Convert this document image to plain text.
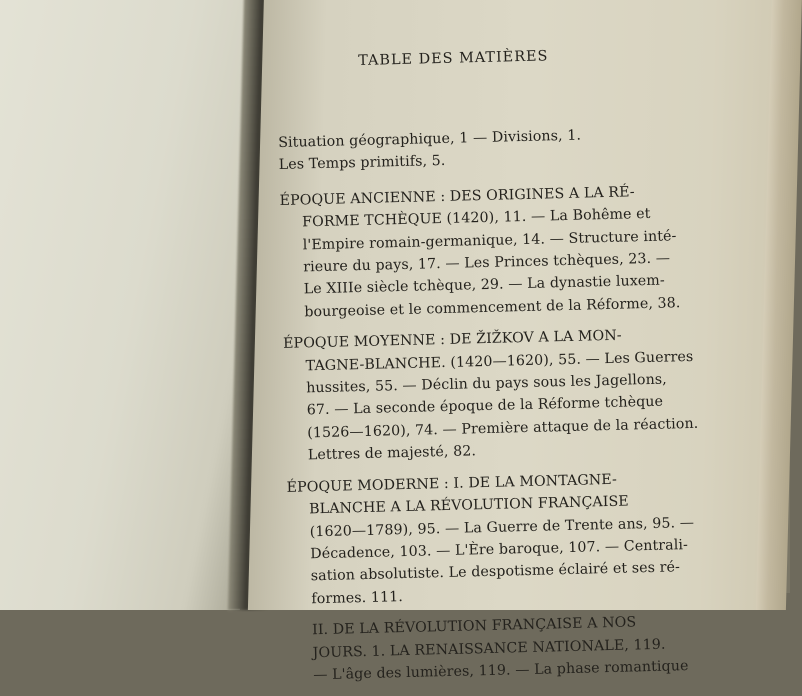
TABLE DES MATIÈRES
Situation géographique, 1 — Divisions, 1.
Les Temps primitifs, 5.
ÉPOQUE ANCIENNE : DES ORIGINES A LA RÉ-
FORME TCHÈQUE (1420), 11. — La Bohême et
l'Empire romain-germanique, 14. — Structure inté-
rieure du pays, 17. — Les Princes tchèques, 23. —
Le XIIIe siècle tchèque, 29. — La dynastie luxem-
bourgeoise et le commencement de la Réforme, 38.
ÉPOQUE MOYENNE : DE ŽIŽKOV A LA MON-
TAGNE-BLANCHE. (1420—1620), 55. — Les Guerres
hussites, 55. — Déclin du pays sous les Jagellons,
67. — La seconde époque de la Réforme tchèque
(1526—1620), 74. — Première attaque de la réaction.
Lettres de majesté, 82.
ÉPOQUE MODERNE : I. DE LA MONTAGNE-
BLANCHE A LA RÉVOLUTION FRANÇAISE
(1620—1789), 95. — La Guerre de Trente ans, 95. —
Décadence, 103. — L'Ère baroque, 107. — Centrali-
sation absolutiste. Le despotisme éclairé et ses ré-
formes. 111.
II. DE LA RÉVOLUTION FRANÇAISE A NOS
JOURS. 1. LA RENAISSANCE NATIONALE, 119.
— L'âge des lumières, 119. — La phase romantique
